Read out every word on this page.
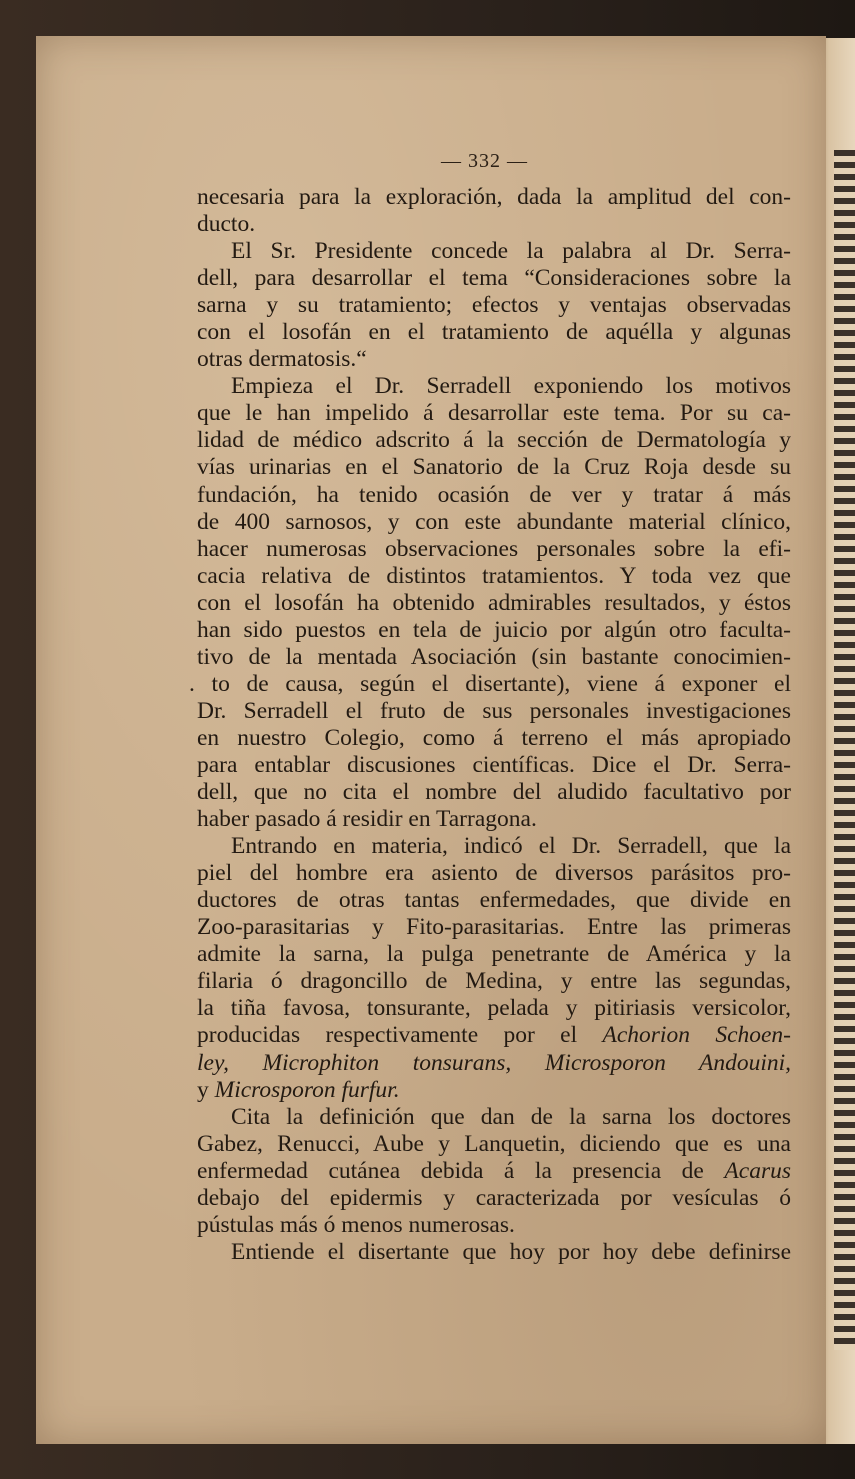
— 332 —
necesaria para la exploración, dada la amplitud del con-
ducto.
El Sr. Presidente concede la palabra al Dr. Serra-
dell, para desarrollar el tema “Consideraciones sobre la
sarna y su tratamiento; efectos y ventajas observadas
con el losofán en el tratamiento de aquélla y algunas
otras dermatosis.“
Empieza el Dr. Serradell exponiendo los motivos
que le han impelido á desarrollar este tema. Por su ca-
lidad de médico adscrito á la sección de Dermatología y
vías urinarias en el Sanatorio de la Cruz Roja desde su
fundación, ha tenido ocasión de ver y tratar á más
de 400 sarnosos, y con este abundante material clínico,
hacer numerosas observaciones personales sobre la efi-
cacia relativa de distintos tratamientos. Y toda vez que
con el losofán ha obtenido admirables resultados, y éstos
han sido puestos en tela de juicio por algún otro faculta-
tivo de la mentada Asociación (sin bastante conocimien-
. to de causa, según el disertante), viene á exponer el
Dr. Serradell el fruto de sus personales investigaciones
en nuestro Colegio, como á terreno el más apropiado
para entablar discusiones científicas. Dice el Dr. Serra-
dell, que no cita el nombre del aludido facultativo por
haber pasado á residir en Tarragona.
Entrando en materia, indicó el Dr. Serradell, que la
piel del hombre era asiento de diversos parásitos pro-
ductores de otras tantas enfermedades, que divide en
Zoo-parasitarias y Fito-parasitarias. Entre las primeras
admite la sarna, la pulga penetrante de América y la
filaria ó dragoncillo de Medina, y entre las segundas,
la tiña favosa, tonsurante, pelada y pitiriasis versicolor,
producidas respectivamente por el Achorion Schoen-
ley, Microphiton tonsurans, Microsporon Andouini,
y Microsporon furfur.
Cita la definición que dan de la sarna los doctores
Gabez, Renucci, Aube y Lanquetin, diciendo que es una
enfermedad cutánea debida á la presencia de Acarus
debajo del epidermis y caracterizada por vesículas ó
pústulas más ó menos numerosas.
Entiende el disertante que hoy por hoy debe definirse
